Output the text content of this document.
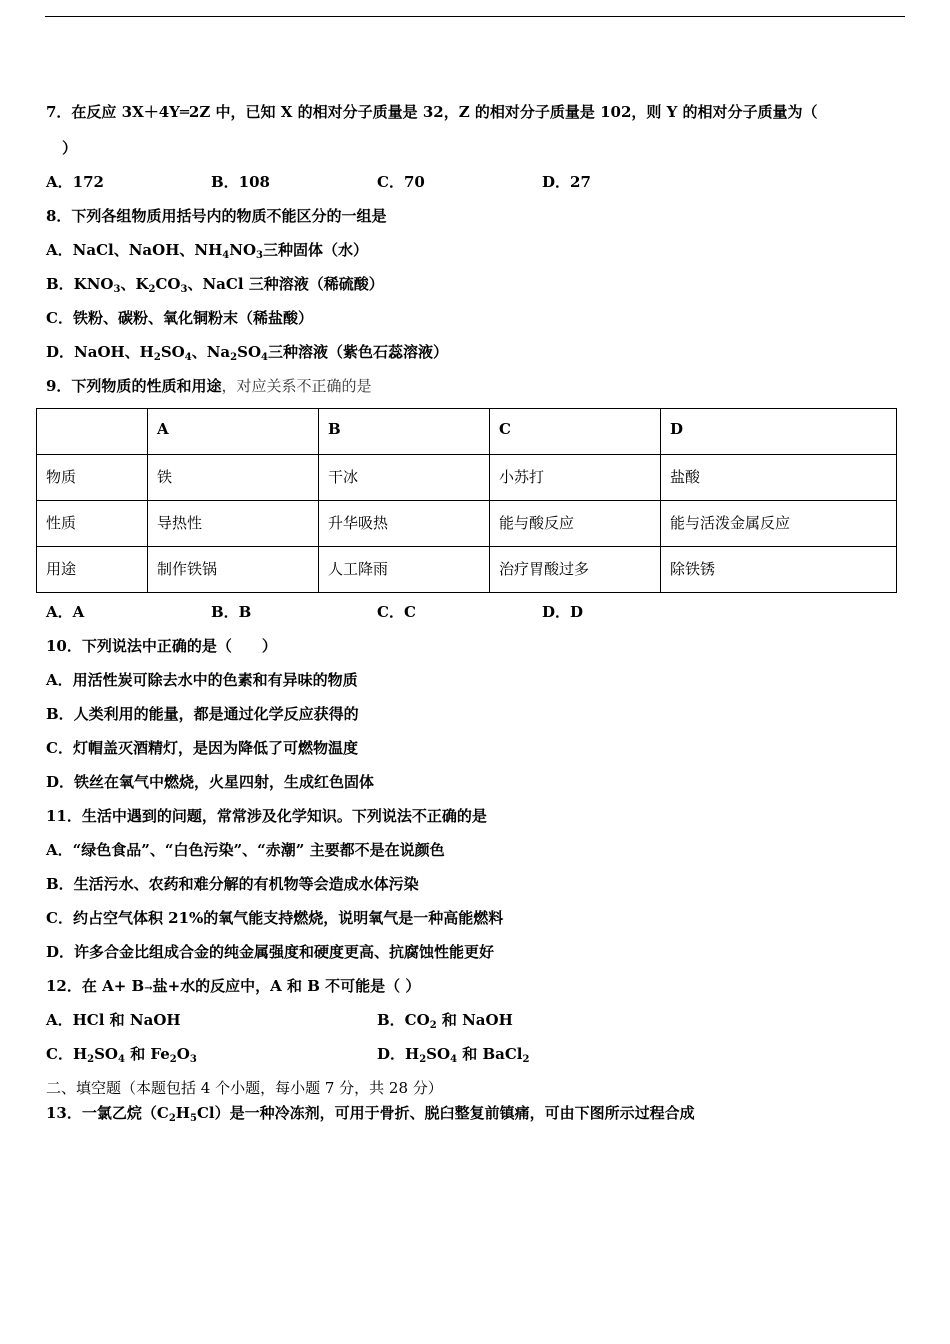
7．在反应 3X＋4Y═2Z 中，已知 X 的相对分子质量是 32，Z 的相对分子质量是 102，则 Y 的相对分子质量为（
）
A．172	B．108	C．70	D．27
8．下列各组物质用括号内的物质不能区分的一组是
A．NaCl、NaOH、$NH_4NO_3$三种固体（水）
B．$KNO_3$、$K_2CO_3$、NaCl 三种溶液（稀硫酸）
C．铁粉、碳粉、氧化铜粉末（稀盐酸）
D．NaOH、$H_2SO_4$、$Na_2SO_4$三种溶液（紫色石蕊溶液）
9．下列物质的性质和用途，对应关系不正确的是
	A	B	C	D
物质	铁	干冰	小苏打	盐酸
性质	导热性	升华吸热	能与酸反应	能与活泼金属反应
用途	制作铁锅	人工降雨	治疗胃酸过多	除铁锈
A．A	B．B	C．C	D．D
10．下列说法中正确的是（　　）
A．用活性炭可除去水中的色素和有异味的物质
B．人类利用的能量，都是通过化学反应获得的
C．灯帽盖灭酒精灯，是因为降低了可燃物温度
D．铁丝在氧气中燃烧，火星四射，生成红色固体
11．生活中遇到的问题，常常涉及化学知识。下列说法不正确的是
A．“绿色食品”、“白色污染”、“赤潮” 主要都不是在说颜色
B．生活污水、农药和难分解的有机物等会造成水体污染
C．约占空气体积 21%的氧气能支持燃烧，说明氧气是一种高能燃料
D．许多合金比组成合金的纯金属强度和硬度更高、抗腐蚀性能更好
12．在 A+ B→盐+水的反应中，A 和 B 不可能是（ ）
A．HCl 和 NaOH	B．$CO_2$ 和 NaOH
C．$H_2SO_4$ 和 $Fe_2O_3$	D．$H_2SO_4$ 和 BaCl$_2$
二、填空题（本题包括 4 个小题，每小题 7 分，共 28 分）
13．一氯乙烷$(C_2H_5Cl)$是一种冷冻剂，可用于骨折、脱臼整复前镇痛，可由下图所示过程合成
